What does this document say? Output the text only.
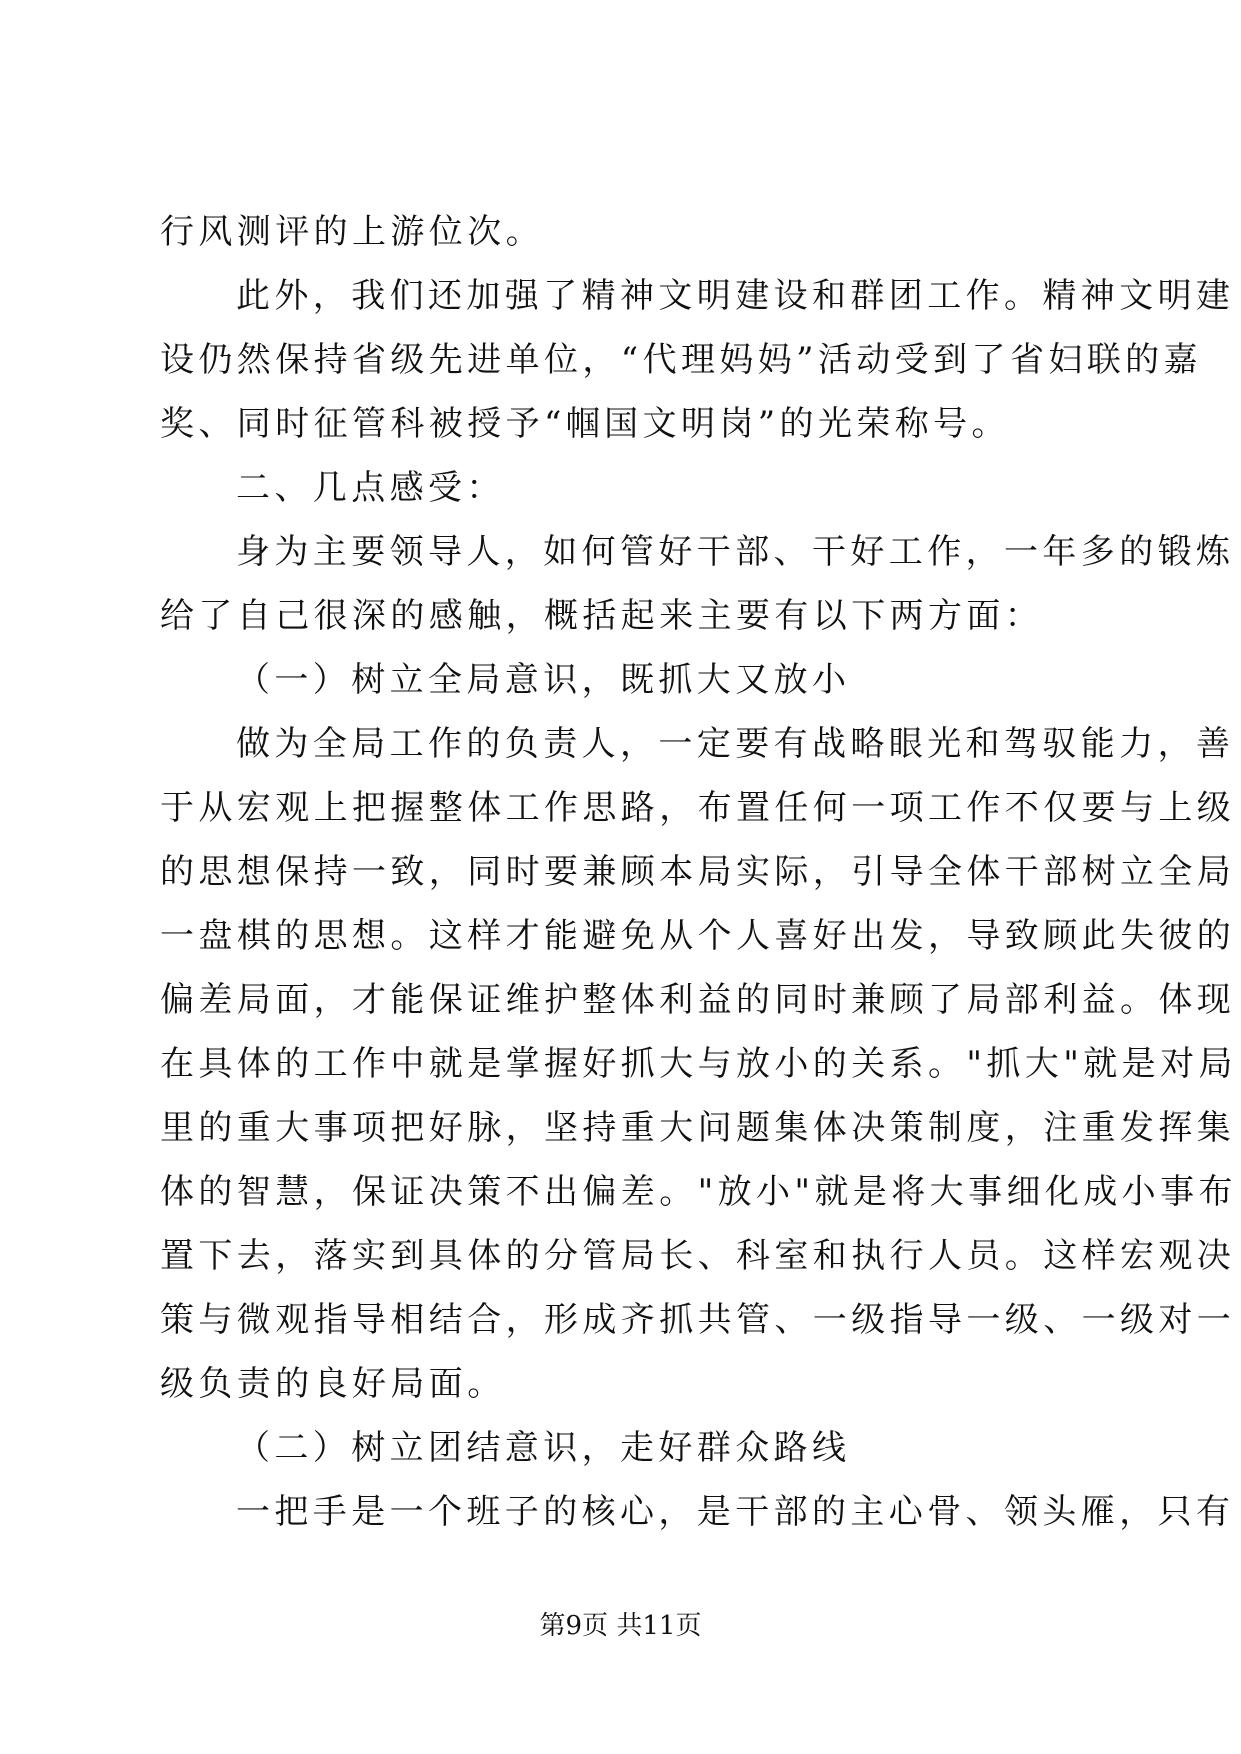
行风测评的上游位次。
此外，我们还加强了精神文明建设和群团工作。精神文明建
设仍然保持省级先进单位，“代理妈妈”活动受到了省妇联的嘉
奖、同时征管科被授予“帼国文明岗”的光荣称号。
二、几点感受：
身为主要领导人，如何管好干部、干好工作，一年多的锻炼
给了自己很深的感触，概括起来主要有以下两方面：
（一）树立全局意识，既抓大又放小
做为全局工作的负责人，一定要有战略眼光和驾驭能力，善
于从宏观上把握整体工作思路，布置任何一项工作不仅要与上级
的思想保持一致，同时要兼顾本局实际，引导全体干部树立全局
一盘棋的思想。这样才能避免从个人喜好出发，导致顾此失彼的
偏差局面，才能保证维护整体利益的同时兼顾了局部利益。体现
在具体的工作中就是掌握好抓大与放小的关系。"抓大"就是对局
里的重大事项把好脉，坚持重大问题集体决策制度，注重发挥集
体的智慧，保证决策不出偏差。"放小"就是将大事细化成小事布
置下去，落实到具体的分管局长、科室和执行人员。这样宏观决
策与微观指导相结合，形成齐抓共管、一级指导一级、一级对一
级负责的良好局面。
（二）树立团结意识，走好群众路线
一把手是一个班子的核心，是干部的主心骨、领头雁，只有
第9页 共11页
